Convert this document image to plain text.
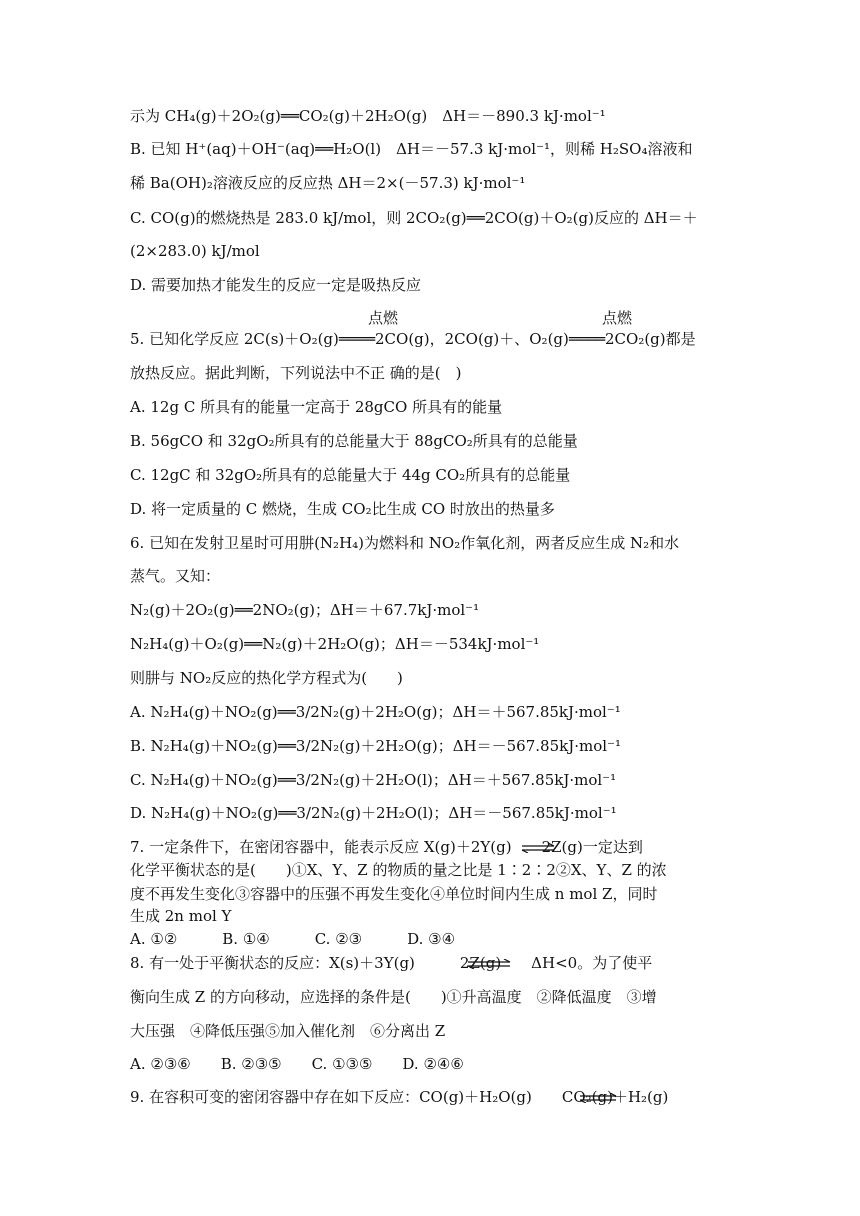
点燃	点燃
示为 CH₄(g)＋2O₂(g)══CO₂(g)＋2H₂O(g)　ΔH＝－890.3 kJ·mol⁻¹
B. 已知 H⁺(aq)＋OH⁻(aq)══H₂O(l)　ΔH＝－57.3 kJ·mol⁻¹，则稀 H₂SO₄溶液和
稀 Ba(OH)₂溶液反应的反应热 ΔH＝2×(－57.3) kJ·mol⁻¹
C. CO(g)的燃烧热是 283.0 kJ/mol，则 2CO₂(g)══2CO(g)＋O₂(g)反应的 ΔH＝＋
(2×283.0) kJ/mol
D. 需要加热才能发生的反应一定是吸热反应
5. 已知化学反应 2C(s)＋O₂(g)════2CO(g)，2CO(g)＋、O₂(g)════2CO₂(g)都是
放热反应。据此判断，下列说法中不正 确的是(　)
A. 12g C 所具有的能量一定高于 28gCO 所具有的能量
B. 56gCO 和 32gO₂所具有的总能量大于 88gCO₂所具有的总能量
C. 12gC 和 32gO₂所具有的总能量大于 44g CO₂所具有的总能量
D. 将一定质量的 C 燃烧，生成 CO₂比生成 CO 时放出的热量多
6. 已知在发射卫星时可用肼(N₂H₄)为燃料和 NO₂作氧化剂，两者反应生成 N₂和水
蒸气。又知：
N₂(g)＋2O₂(g)══2NO₂(g)；ΔH＝＋67.7kJ·mol⁻¹
N₂H₄(g)＋O₂(g)══N₂(g)＋2H₂O(g)；ΔH＝－534kJ·mol⁻¹
则肼与 NO₂反应的热化学方程式为(　　)
A. N₂H₄(g)＋NO₂(g)══3/2N₂(g)＋2H₂O(g)；ΔH＝＋567.85kJ·mol⁻¹
B. N₂H₄(g)＋NO₂(g)══3/2N₂(g)＋2H₂O(g)；ΔH＝－567.85kJ·mol⁻¹
C. N₂H₄(g)＋NO₂(g)══3/2N₂(g)＋2H₂O(l)；ΔH＝＋567.85kJ·mol⁻¹
D. N₂H₄(g)＋NO₂(g)══3/2N₂(g)＋2H₂O(l)；ΔH＝－567.85kJ·mol⁻¹
7. 一定条件下，在密闭容器中，能表示反应 X(g)＋2Y(g)　　2Z(g)一定达到
化学平衡状态的是(　　)①X、Y、Z 的物质的量之比是 1∶2∶2②X、Y、Z 的浓
度不再发生变化③容器中的压强不再发生变化④单位时间内生成 n mol Z，同时
生成 2n mol Y
A. ①②　　　B. ①④　　　C. ②③　　　D. ③④
8. 有一处于平衡状态的反应：X(s)＋3Y(g)　　　2Z(g)　　ΔH<0。为了使平
衡向生成 Z 的方向移动，应选择的条件是(　　)①升高温度　②降低温度　③增
大压强　④降低压强⑤加入催化剂　⑥分离出 Z
A. ②③⑥　　B. ②③⑤　　C. ①③⑤　　D. ②④⑥
9. 在容积可变的密闭容器中存在如下反应：CO(g)＋H₂O(g)　　CO₂(g)＋H₂(g)
